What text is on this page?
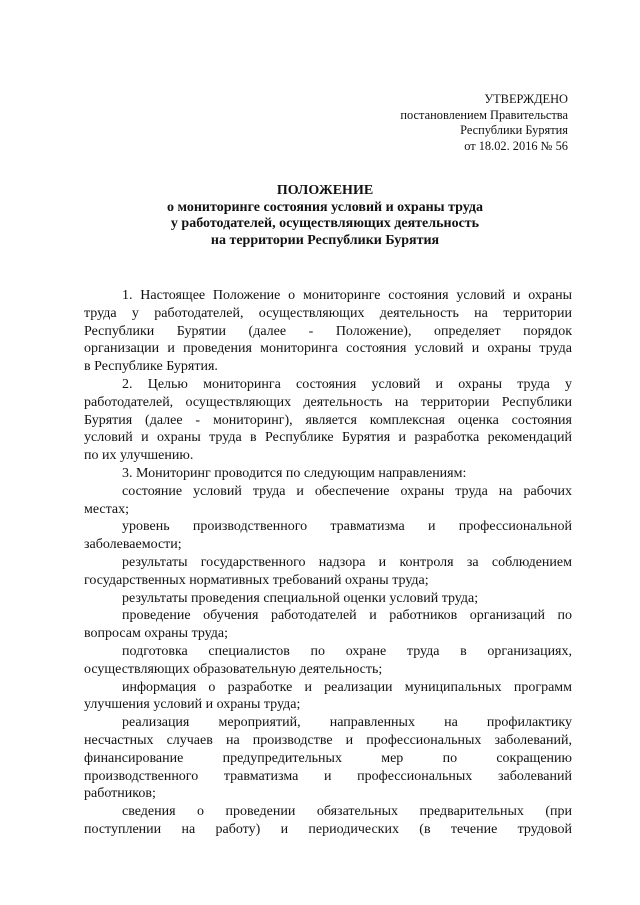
УТВЕРЖДЕНО
постановлением Правительства
Республики Бурятия
от 18.02. 2016 № 56
ПОЛОЖЕНИЕ
о мониторинге состояния условий и охраны труда
у работодателей, осуществляющих деятельность
на территории Республики Бурятия
1. Настоящее Положение о мониторинге состояния условий и охраны
труда у работодателей, осуществляющих деятельность на территории
Республики Бурятии (далее - Положение), определяет порядок
организации и проведения мониторинга состояния условий и охраны труда
в Республике Бурятия.
2. Целью мониторинга состояния условий и охраны труда у
работодателей, осуществляющих деятельность на территории Республики
Бурятия (далее - мониторинг), является комплексная оценка состояния
условий и охраны труда в Республике Бурятия и разработка рекомендаций
по их улучшению.
3. Мониторинг проводится по следующим направлениям:
состояние условий труда и обеспечение охраны труда на рабочих
местах;
уровень производственного травматизма и профессиональной
заболеваемости;
результаты государственного надзора и контроля за соблюдением
государственных нормативных требований охраны труда;
результаты проведения специальной оценки условий труда;
проведение обучения работодателей и работников организаций по
вопросам охраны труда;
подготовка специалистов по охране труда в организациях,
осуществляющих образовательную деятельность;
информация о разработке и реализации муниципальных программ
улучшения условий и охраны труда;
реализация мероприятий, направленных на профилактику
несчастных случаев на производстве и профессиональных заболеваний,
финансирование предупредительных мер по сокращению
производственного травматизма и профессиональных заболеваний
работников;
сведения о проведении обязательных предварительных (при
поступлении на работу) и периодических (в течение трудовой
